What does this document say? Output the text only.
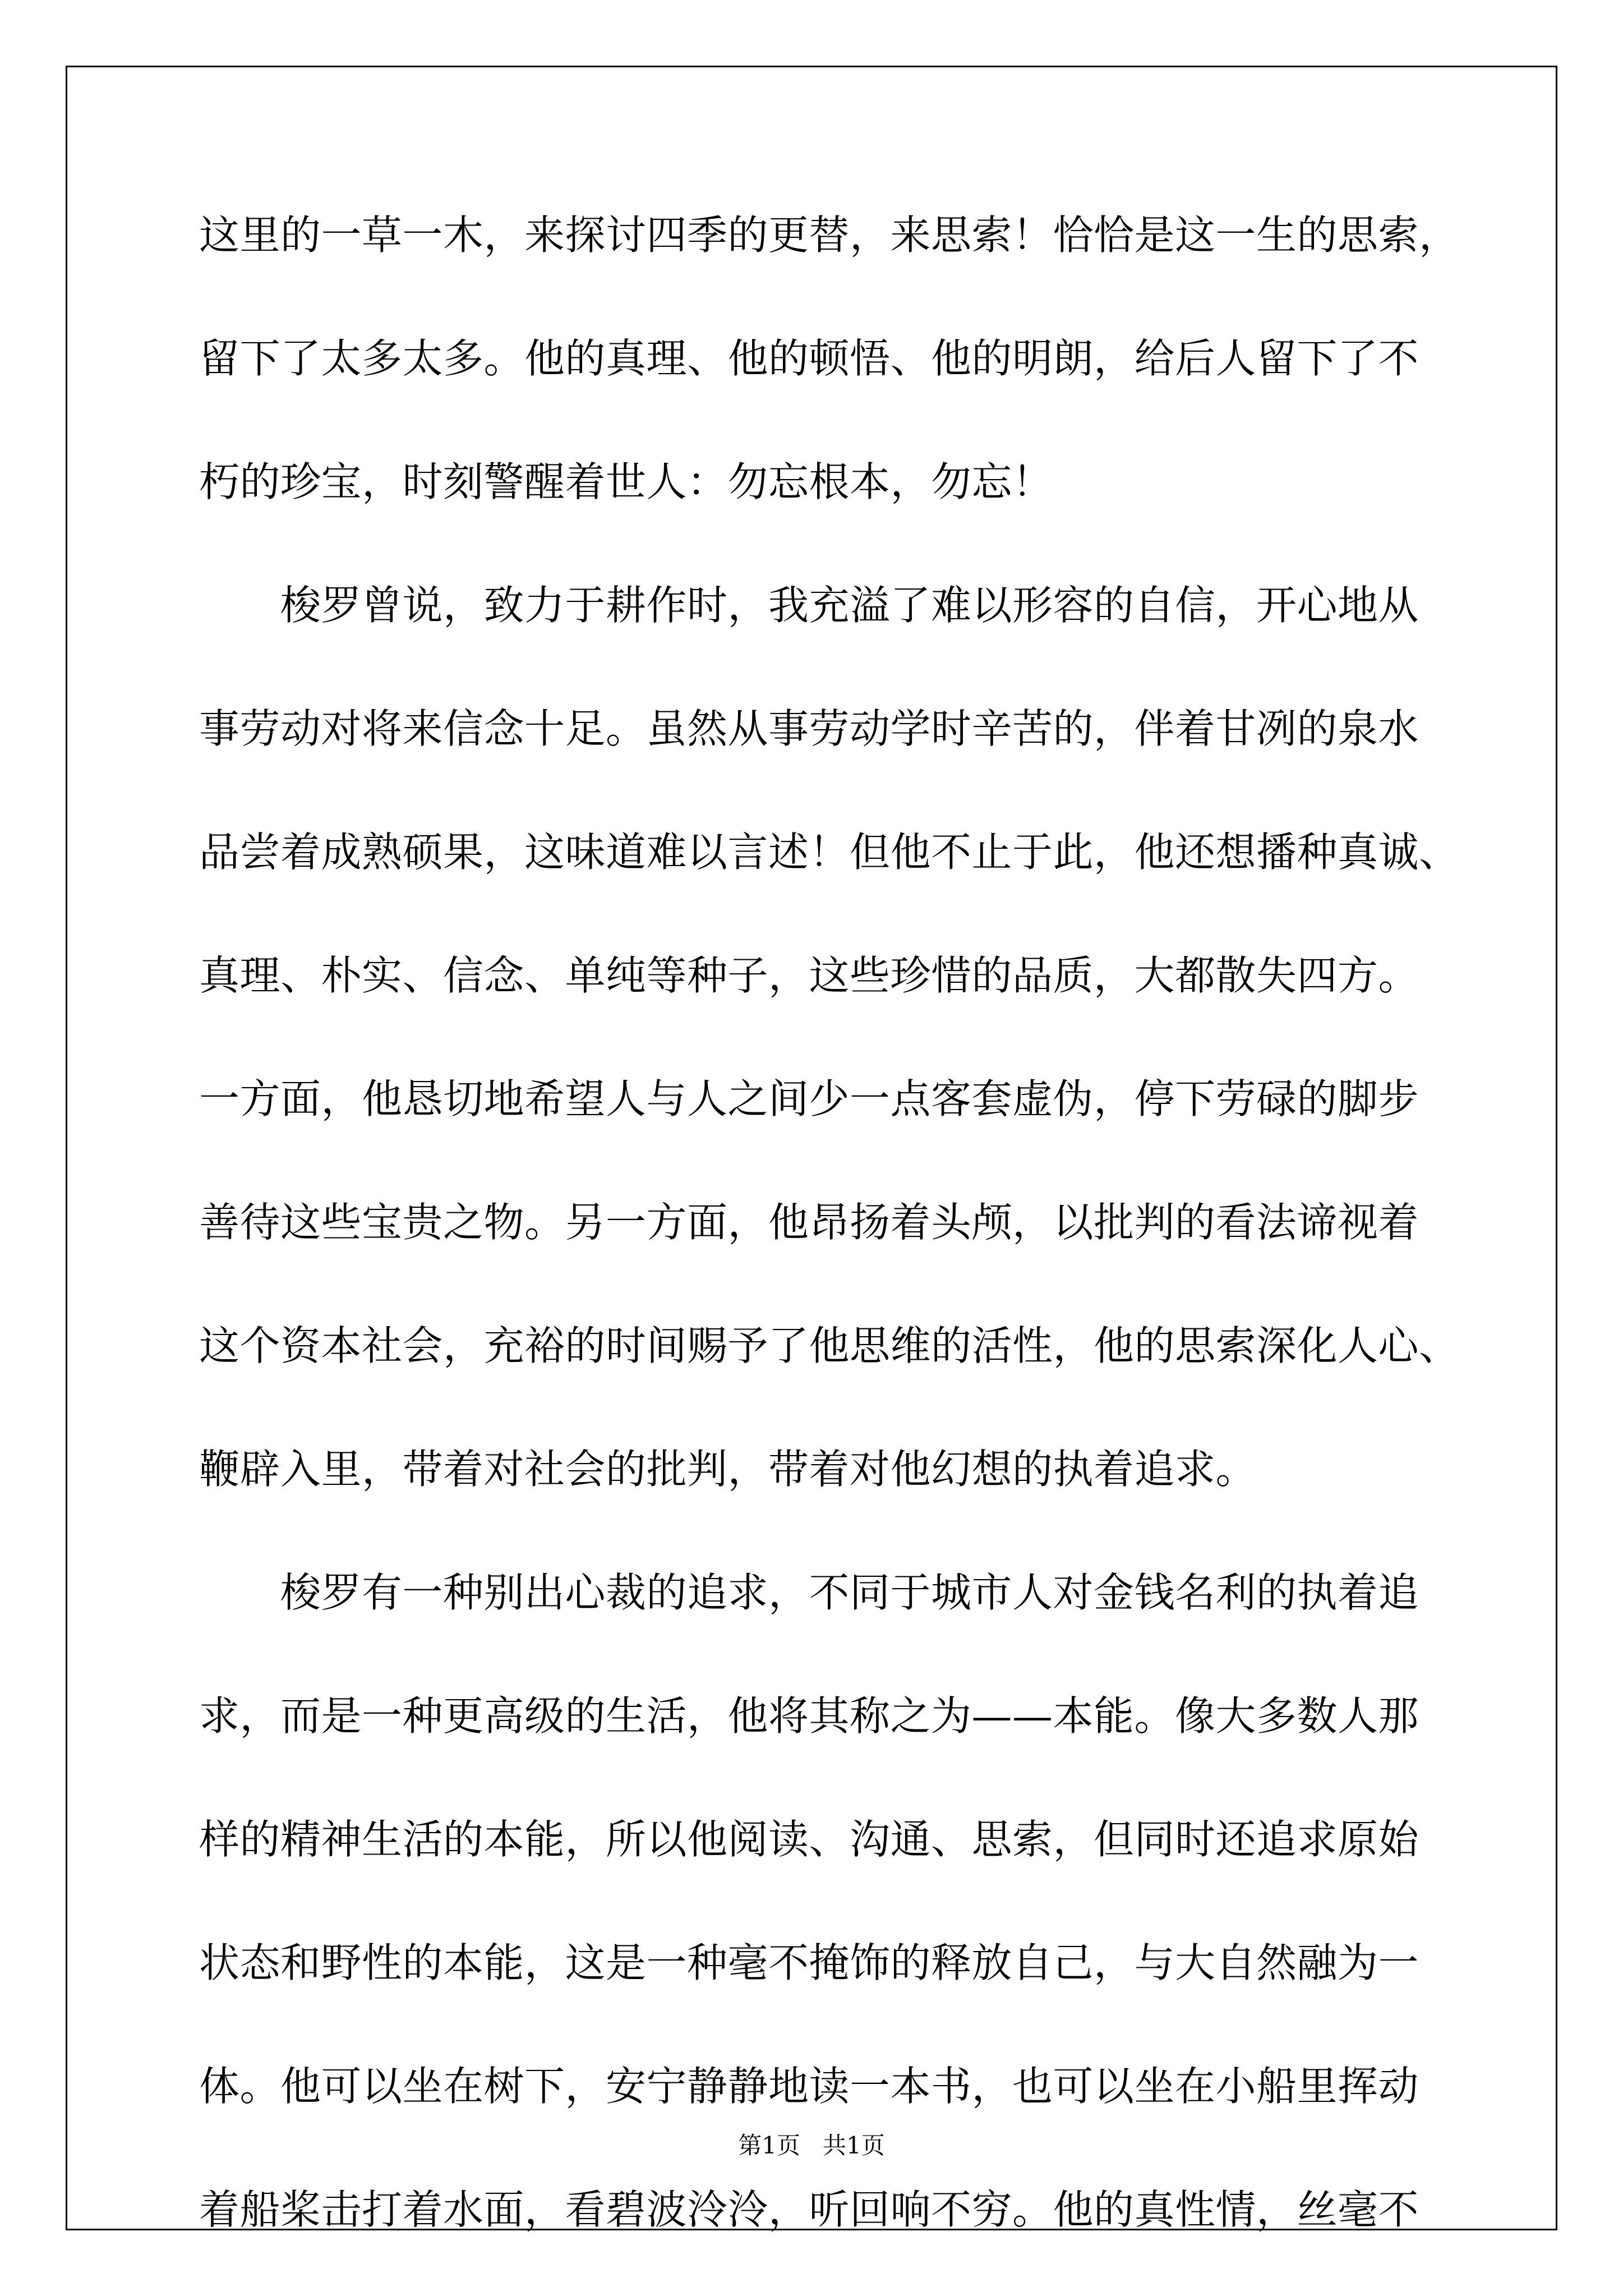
这里的一草一木，来探讨四季的更替，来思索！恰恰是这一生的思索，
留下了太多太多。他的真理、他的顿悟、他的明朗，给后人留下了不
朽的珍宝，时刻警醒着世人：勿忘根本，勿忘！
　　梭罗曾说，致力于耕作时，我充溢了难以形容的自信，开心地从
事劳动对将来信念十足。虽然从事劳动学时辛苦的，伴着甘冽的泉水
品尝着成熟硕果，这味道难以言述！但他不止于此，他还想播种真诚、
真理、朴实、信念、单纯等种子，这些珍惜的品质，大都散失四方。
一方面，他恳切地希望人与人之间少一点客套虚伪，停下劳碌的脚步
善待这些宝贵之物。另一方面，他昂扬着头颅，以批判的看法谛视着
这个资本社会，充裕的时间赐予了他思维的活性，他的思索深化人心、
鞭辟入里，带着对社会的批判，带着对他幻想的执着追求。
　　梭罗有一种别出心裁的追求，不同于城市人对金钱名利的执着追
求，而是一种更高级的生活，他将其称之为——本能。像大多数人那
样的精神生活的本能，所以他阅读、沟通、思索，但同时还追求原始
状态和野性的本能，这是一种毫不掩饰的释放自己，与大自然融为一
体。他可以坐在树下，安宁静静地读一本书，也可以坐在小船里挥动
着船桨击打着水面，看碧波泠泠，听回响不穷。他的真性情，丝毫不
第1页 共1页
